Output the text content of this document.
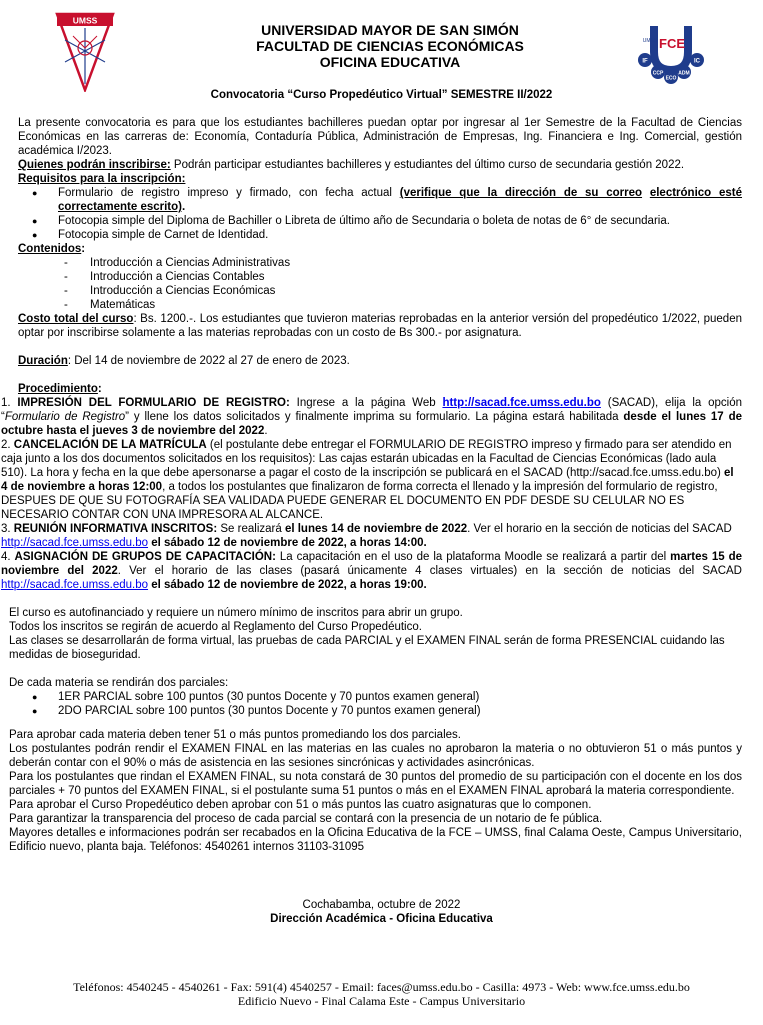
UMSS
FCE
UMSS
IF	IC
CCP	ADM
ECO
UNIVERSIDAD MAYOR DE SAN SIMÓN
FACULTAD DE CIENCIAS ECONÓMICAS
OFICINA EDUCATIVA
Convocatoria “Curso Propedéutico Virtual” SEMESTRE II/2022

La presente convocatoria es para que los estudiantes bachilleres puedan optar por ingresar al 1er Semestre de la Facultad de Ciencias Económicas en las carreras de: Economía, Contaduría Pública, Administración de Empresas, Ing. Financiera e Ing. Comercial, gestión académica I/2023.

Quienes podrán inscribirse: Podrán participar estudiantes bachilleres y estudiantes del último curso de secundaria gestión 2022.

Requisitos para la inscripción:

● Formulario de registro impreso y firmado, con fecha actual (verifique que la dirección de su correo electrónico esté correctamente escrito).
● Fotocopia simple del Diploma de Bachiller o Libreta de último año de Secundaria o boleta de notas de 6° de secundaria.
● Fotocopia simple de Carnet de Identidad.

Contenidos:

- Introducción a Ciencias Administrativas
- Introducción a Ciencias Contables
- Introducción a Ciencias Económicas
- Matemáticas

Costo total del curso: Bs. 1200.-. Los estudiantes que tuvieron materias reprobadas en la anterior versión del propedéutico 1/2022, pueden optar por inscribirse solamente a las materias reprobadas con un costo de Bs 300.- por asignatura.

Duración: Del 14 de noviembre de 2022 al 27 de enero de 2023.

Procedimiento:

1. IMPRESIÓN DEL FORMULARIO DE REGISTRO: Ingrese a la página Web http://sacad.fce.umss.edu.bo (SACAD), elija la opción “Formulario de Registro” y llene los datos solicitados y finalmente imprima su formulario. La página estará habilitada desde el lunes 17 de octubre hasta el jueves 3 de noviembre del 2022.

2. CANCELACIÓN DE LA MATRÍCULA (el postulante debe entregar el FORMULARIO DE REGISTRO impreso y firmado para ser atendido en caja junto a los dos documentos solicitados en los requisitos): Las cajas estarán ubicadas en la Facultad de Ciencias Económicas (lado aula 510). La hora y fecha en la que debe apersonarse a pagar el costo de la inscripción se publicará en el SACAD (http://sacad.fce.umss.edu.bo) el 4 de noviembre a horas 12:00, a todos los postulantes que finalizaron de forma correcta el llenado y la impresión del formulario de registro, DESPUES DE QUE SU FOTOGRAFÍA SEA VALIDADA PUEDE GENERAR EL DOCUMENTO EN PDF DESDE SU CELULAR NO ES NECESARIO CONTAR CON UNA IMPRESORA AL ALCANCE.

3. REUNIÓN INFORMATIVA INSCRITOS: Se realizará el lunes 14 de noviembre de 2022. Ver el horario en la sección de noticias del SACAD http://sacad.fce.umss.edu.bo el sábado 12 de noviembre de 2022, a horas 14:00.

4. ASIGNACIÓN DE GRUPOS DE CAPACITACIÓN: La capacitación en el uso de la plataforma Moodle se realizará a partir del martes 15 de noviembre del 2022. Ver el horario de las clases (pasará únicamente 4 clases virtuales) en la sección de noticias del SACAD http://sacad.fce.umss.edu.bo el sábado 12 de noviembre de 2022, a horas 19:00.

El curso es autofinanciado y requiere un número mínimo de inscritos para abrir un grupo.

Todos los inscritos se regirán de acuerdo al Reglamento del Curso Propedéutico.

Las clases se desarrollarán de forma virtual, las pruebas de cada PARCIAL y el EXAMEN FINAL serán de forma PRESENCIAL cuidando las medidas de bioseguridad.

De cada materia se rendirán dos parciales:

● 1ER PARCIAL sobre 100 puntos (30 puntos Docente y 70 puntos examen general)
● 2DO PARCIAL sobre 100 puntos (30 puntos Docente y 70 puntos examen general)

Para aprobar cada materia deben tener 51 o más puntos promediando los dos parciales.

Los postulantes podrán rendir el EXAMEN FINAL en las materias en las cuales no aprobaron la materia o no obtuvieron 51 o más puntos y deberán contar con el 90% o más de asistencia en las sesiones sincrónicas y actividades asincrónicas.

Para los postulantes que rindan el EXAMEN FINAL, su nota constará de 30 puntos del promedio de su participación con el docente en los dos parciales + 70 puntos del EXAMEN FINAL, si el postulante suma 51 puntos o más en el EXAMEN FINAL aprobará la materia correspondiente.

Para aprobar el Curso Propedéutico deben aprobar con 51 o más puntos las cuatro asignaturas que lo componen.

Para garantizar la transparencia del proceso de cada parcial se contará con la presencia de un notario de fe pública.

Mayores detalles e informaciones podrán ser recabados en la Oficina Educativa de la FCE – UMSS, final Calama Oeste, Campus Universitario, Edificio nuevo, planta baja. Teléfonos: 4540261 internos 31103-31095

Cochabamba, octubre de 2022

Dirección Académica - Oficina Educativa

Teléfonos: 4540245 - 4540261 - Fax: 591(4) 4540257 - Email: faces@umss.edu.bo - Casilla: 4973 - Web: www.fce.umss.edu.bo
Edificio Nuevo - Final Calama Este - Campus Universitario
